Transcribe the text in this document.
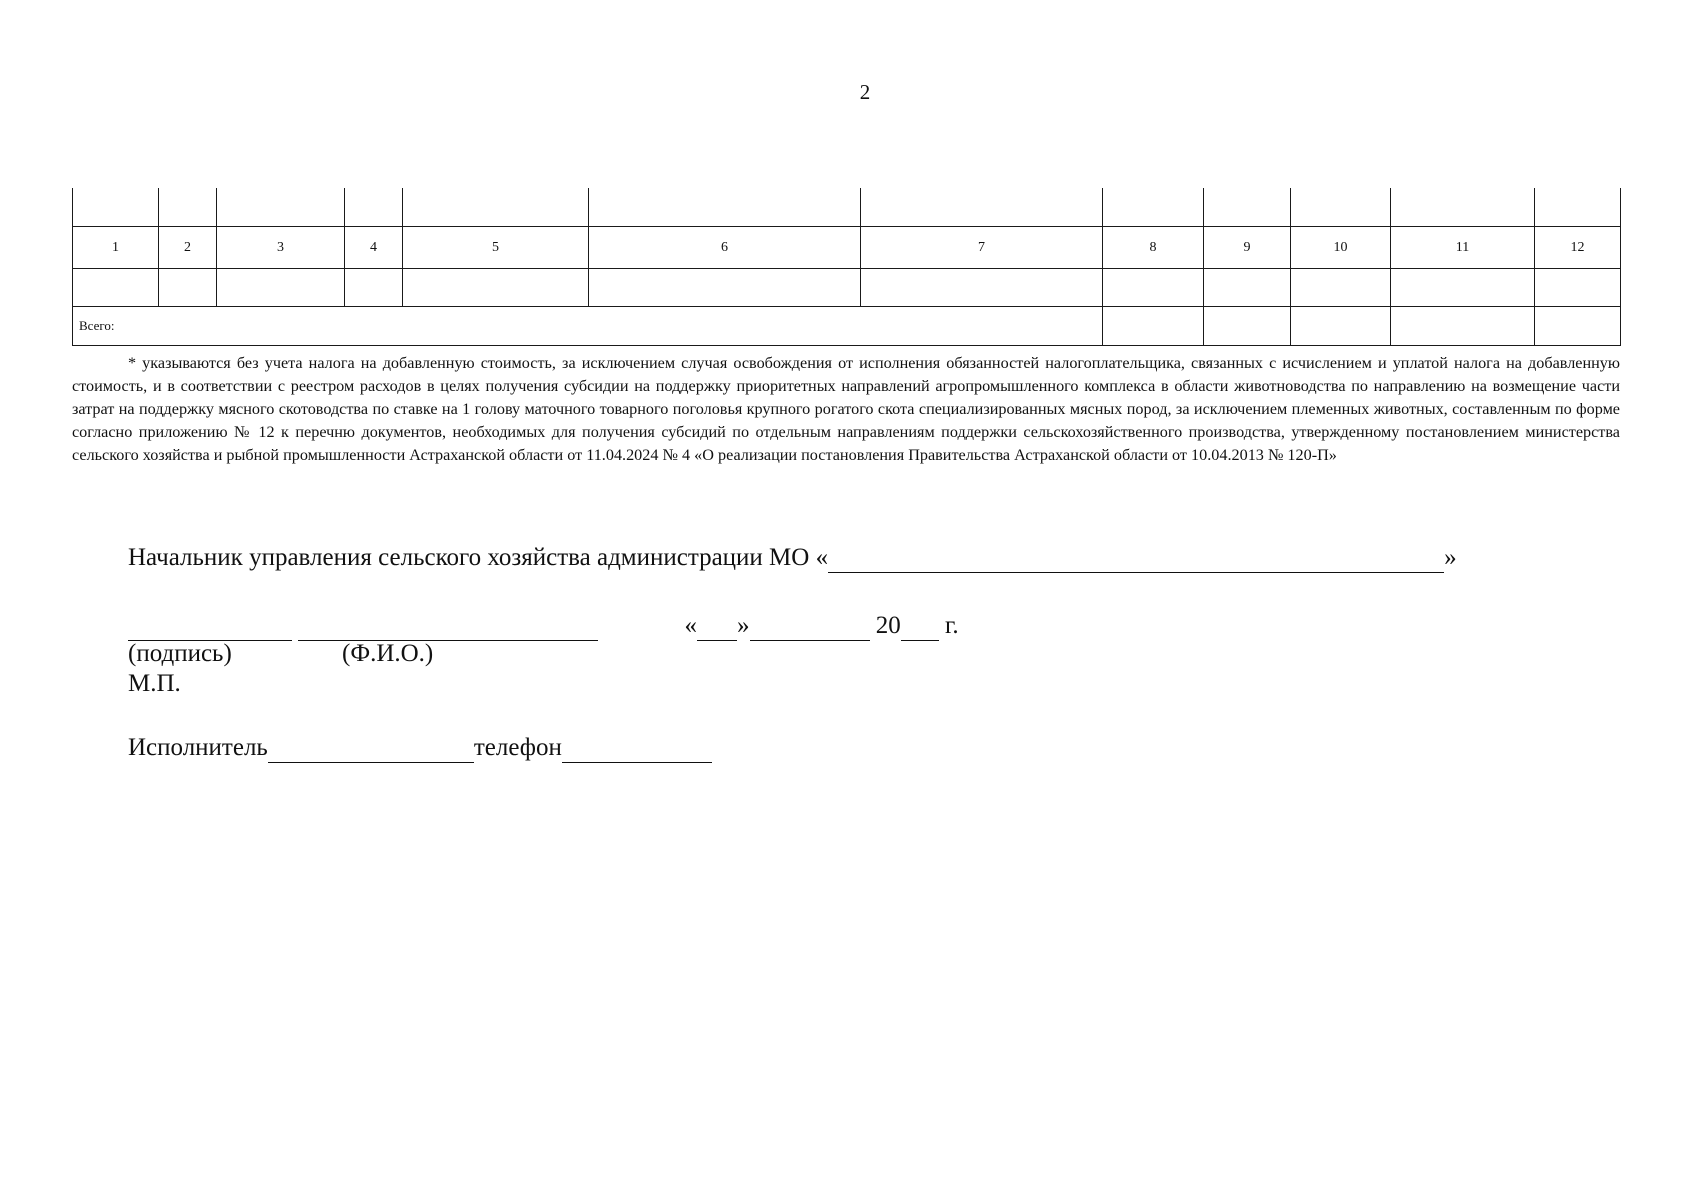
2

1	2	3	4	5	6	7	8	9	10	11	12

Всего:											

* указываются без учета налога на добавленную стоимость, за исключением случая освобождения от исполнения обязанностей налогоплательщика, связанных с исчислением и уплатой налога на добавленную стоимость, и в соответствии с реестром расходов в целях получения субсидии на поддержку приоритетных направлений агропромышленного комплекса в области животноводства по направлению на возмещение части затрат на поддержку мясного скотоводства по ставке на 1 голову маточного товарного поголовья крупного рогатого скота специализированных мясных пород, за исключением племенных животных, составленным по форме согласно приложению № 12 к перечню документов, необходимых для получения субсидий по отдельным направлениям поддержки сельскохозяйственного производства, утвержденному постановлением министерства сельского хозяйства и рыбной промышленности Астраханской области от 11.04.2024 № 4 «О реализации постановления Правительства Астраханской области от 10.04.2013 № 120-П»

Начальник управления сельского хозяйства администрации МО «	»
« »	20  г.
(подпись)	(Ф.И.О.)
М.П.
Исполнитель	телефон
